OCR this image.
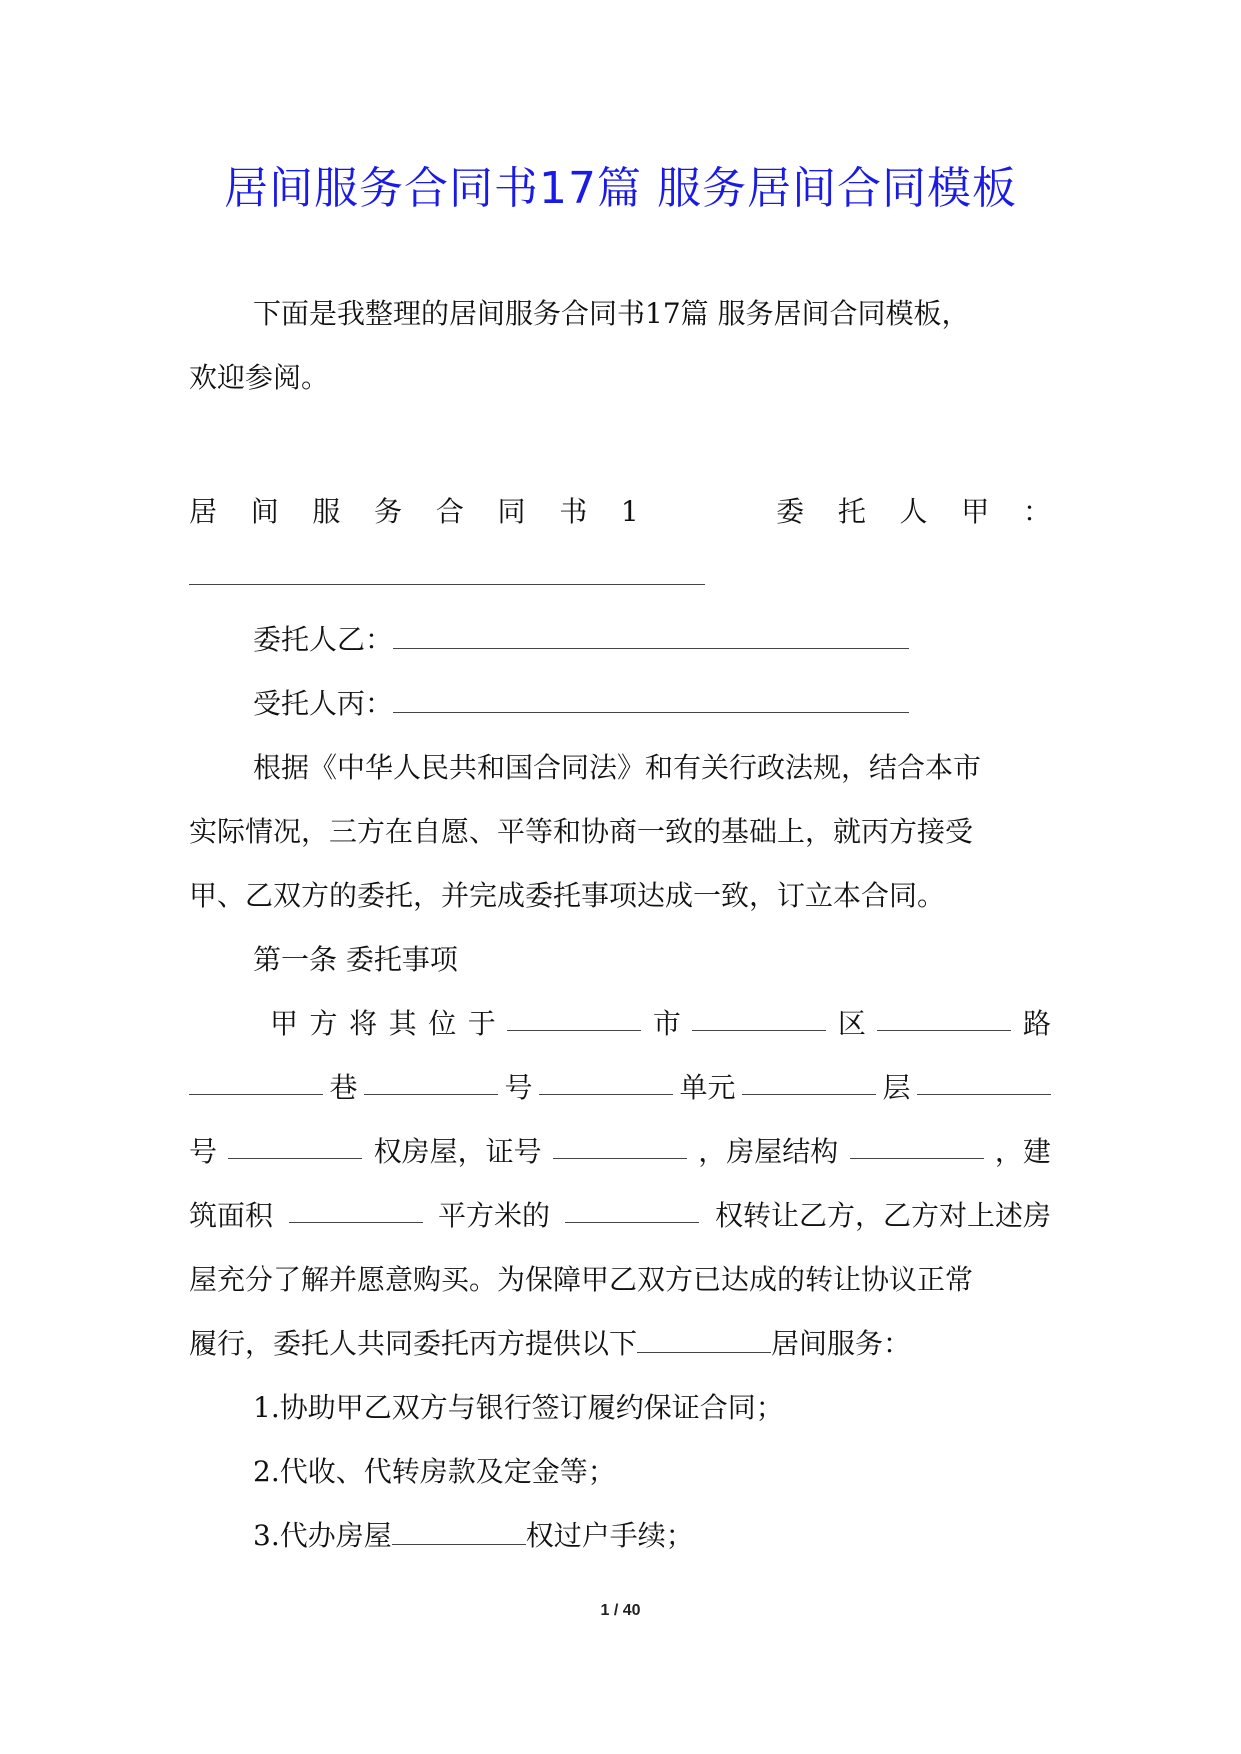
居间服务合同书17篇 服务居间合同模板
下面是我整理的居间服务合同书17篇 服务居间合同模板，
欢迎参阅。
居 间 服 务 合 同 书 1	委 托 人 甲 ：
委托人乙：
受托人丙：
根据《中华人民共和国合同法》和有关行政法规，结合本市
实际情况，三方在自愿、平等和协商一致的基础上，就丙方接受
甲、乙双方的委托，并完成委托事项达成一致，订立本合同。
第一条 委托事项
甲 方 将 其 位 于	市	区	路
巷	号	单元	层
号	权房屋，证号	，房屋结构	，建
筑面积	平方米的	权转让乙方，乙方对上述房
屋充分了解并愿意购买。为保障甲乙双方已达成的转让协议正常
履行，委托人共同委托丙方提供以下	居间服务：
1.协助甲乙双方与银行签订履约保证合同；
2.代收、代转房款及定金等；
3.代办房屋	权过户手续；
1 / 40
